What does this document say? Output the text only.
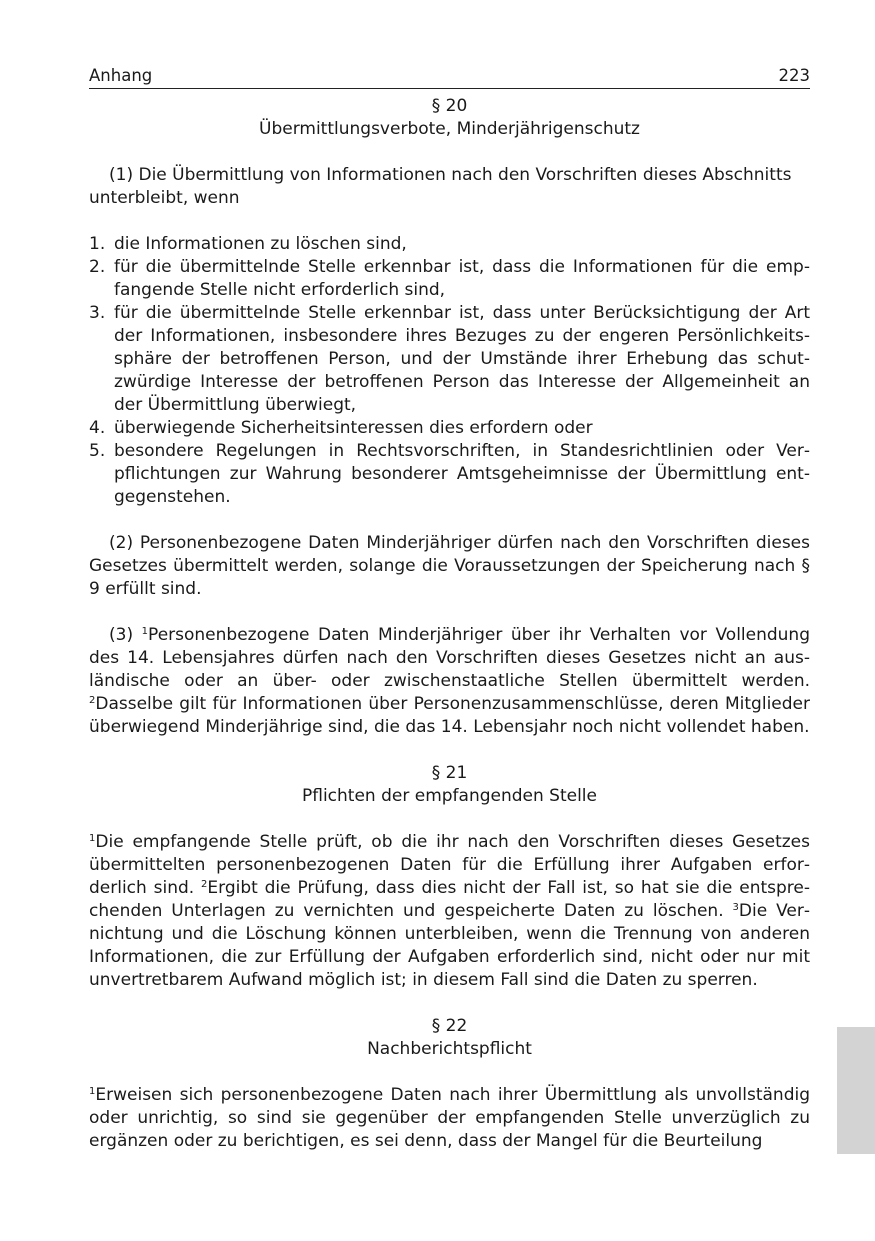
Anhang	223
§ 20
Übermittlungsverbote, Minderjährigenschutz

(1) Die Übermittlung von Informationen nach den Vorschriften dieses Abschnitts unterbleibt, wenn

1. die Informationen zu löschen sind,
2. für die übermittelnde Stelle erkennbar ist, dass die Informationen für die empfangende Stelle nicht erforderlich sind,
3. für die übermittelnde Stelle erkennbar ist, dass unter Berücksichtigung der Art der Informationen, insbesondere ihres Bezuges zu der engeren Persönlichkeitssphäre der betroffenen Person, und der Umstände ihrer Erhebung das schutzwürdige Interesse der betroffenen Person das Interesse der Allgemeinheit an der Übermittlung überwiegt,
4. überwiegende Sicherheitsinteressen dies erfordern oder
5. besondere Regelungen in Rechtsvorschriften, in Standesrichtlinien oder Verpflichtungen zur Wahrung besonderer Amtsgeheimnisse der Übermittlung entgegenstehen.

(2) Personenbezogene Daten Minderjähriger dürfen nach den Vorschriften dieses Gesetzes übermittelt werden, solange die Voraussetzungen der Speicherung nach § 9 erfüllt sind.

(3) $^1$Personenbezogene Daten Minderjähriger über ihr Verhalten vor Vollendung des 14. Lebensjahres dürfen nach den Vorschriften dieses Gesetzes nicht an ausländische oder an über- oder zwischenstaatliche Stellen übermittelt werden. $^2$Dasselbe gilt für Informationen über Personenzusammenschlüsse, deren Mitglieder überwiegend Minderjährige sind, die das 14. Lebensjahr noch nicht vollendet haben.

§ 21
Pflichten der empfangenden Stelle

$^1$Die empfangende Stelle prüft, ob die ihr nach den Vorschriften dieses Gesetzes übermittelten personenbezogenen Daten für die Erfüllung ihrer Aufgaben erforderlich sind. $^2$Ergibt die Prüfung, dass dies nicht der Fall ist, so hat sie die entsprechenden Unterlagen zu vernichten und gespeicherte Daten zu löschen. $^3$Die Vernichtung und die Löschung können unterbleiben, wenn die Trennung von anderen Informationen, die zur Erfüllung der Aufgaben erforderlich sind, nicht oder nur mit unvertretbarem Aufwand möglich ist; in diesem Fall sind die Daten zu sperren.

§ 22
Nachberichtspflicht

$^1$Erweisen sich personenbezogene Daten nach ihrer Übermittlung als unvollständig oder unrichtig, so sind sie gegenüber der empfangenden Stelle unverzüglich zu ergänzen oder zu berichtigen, es sei denn, dass der Mangel für die Beurteilung
